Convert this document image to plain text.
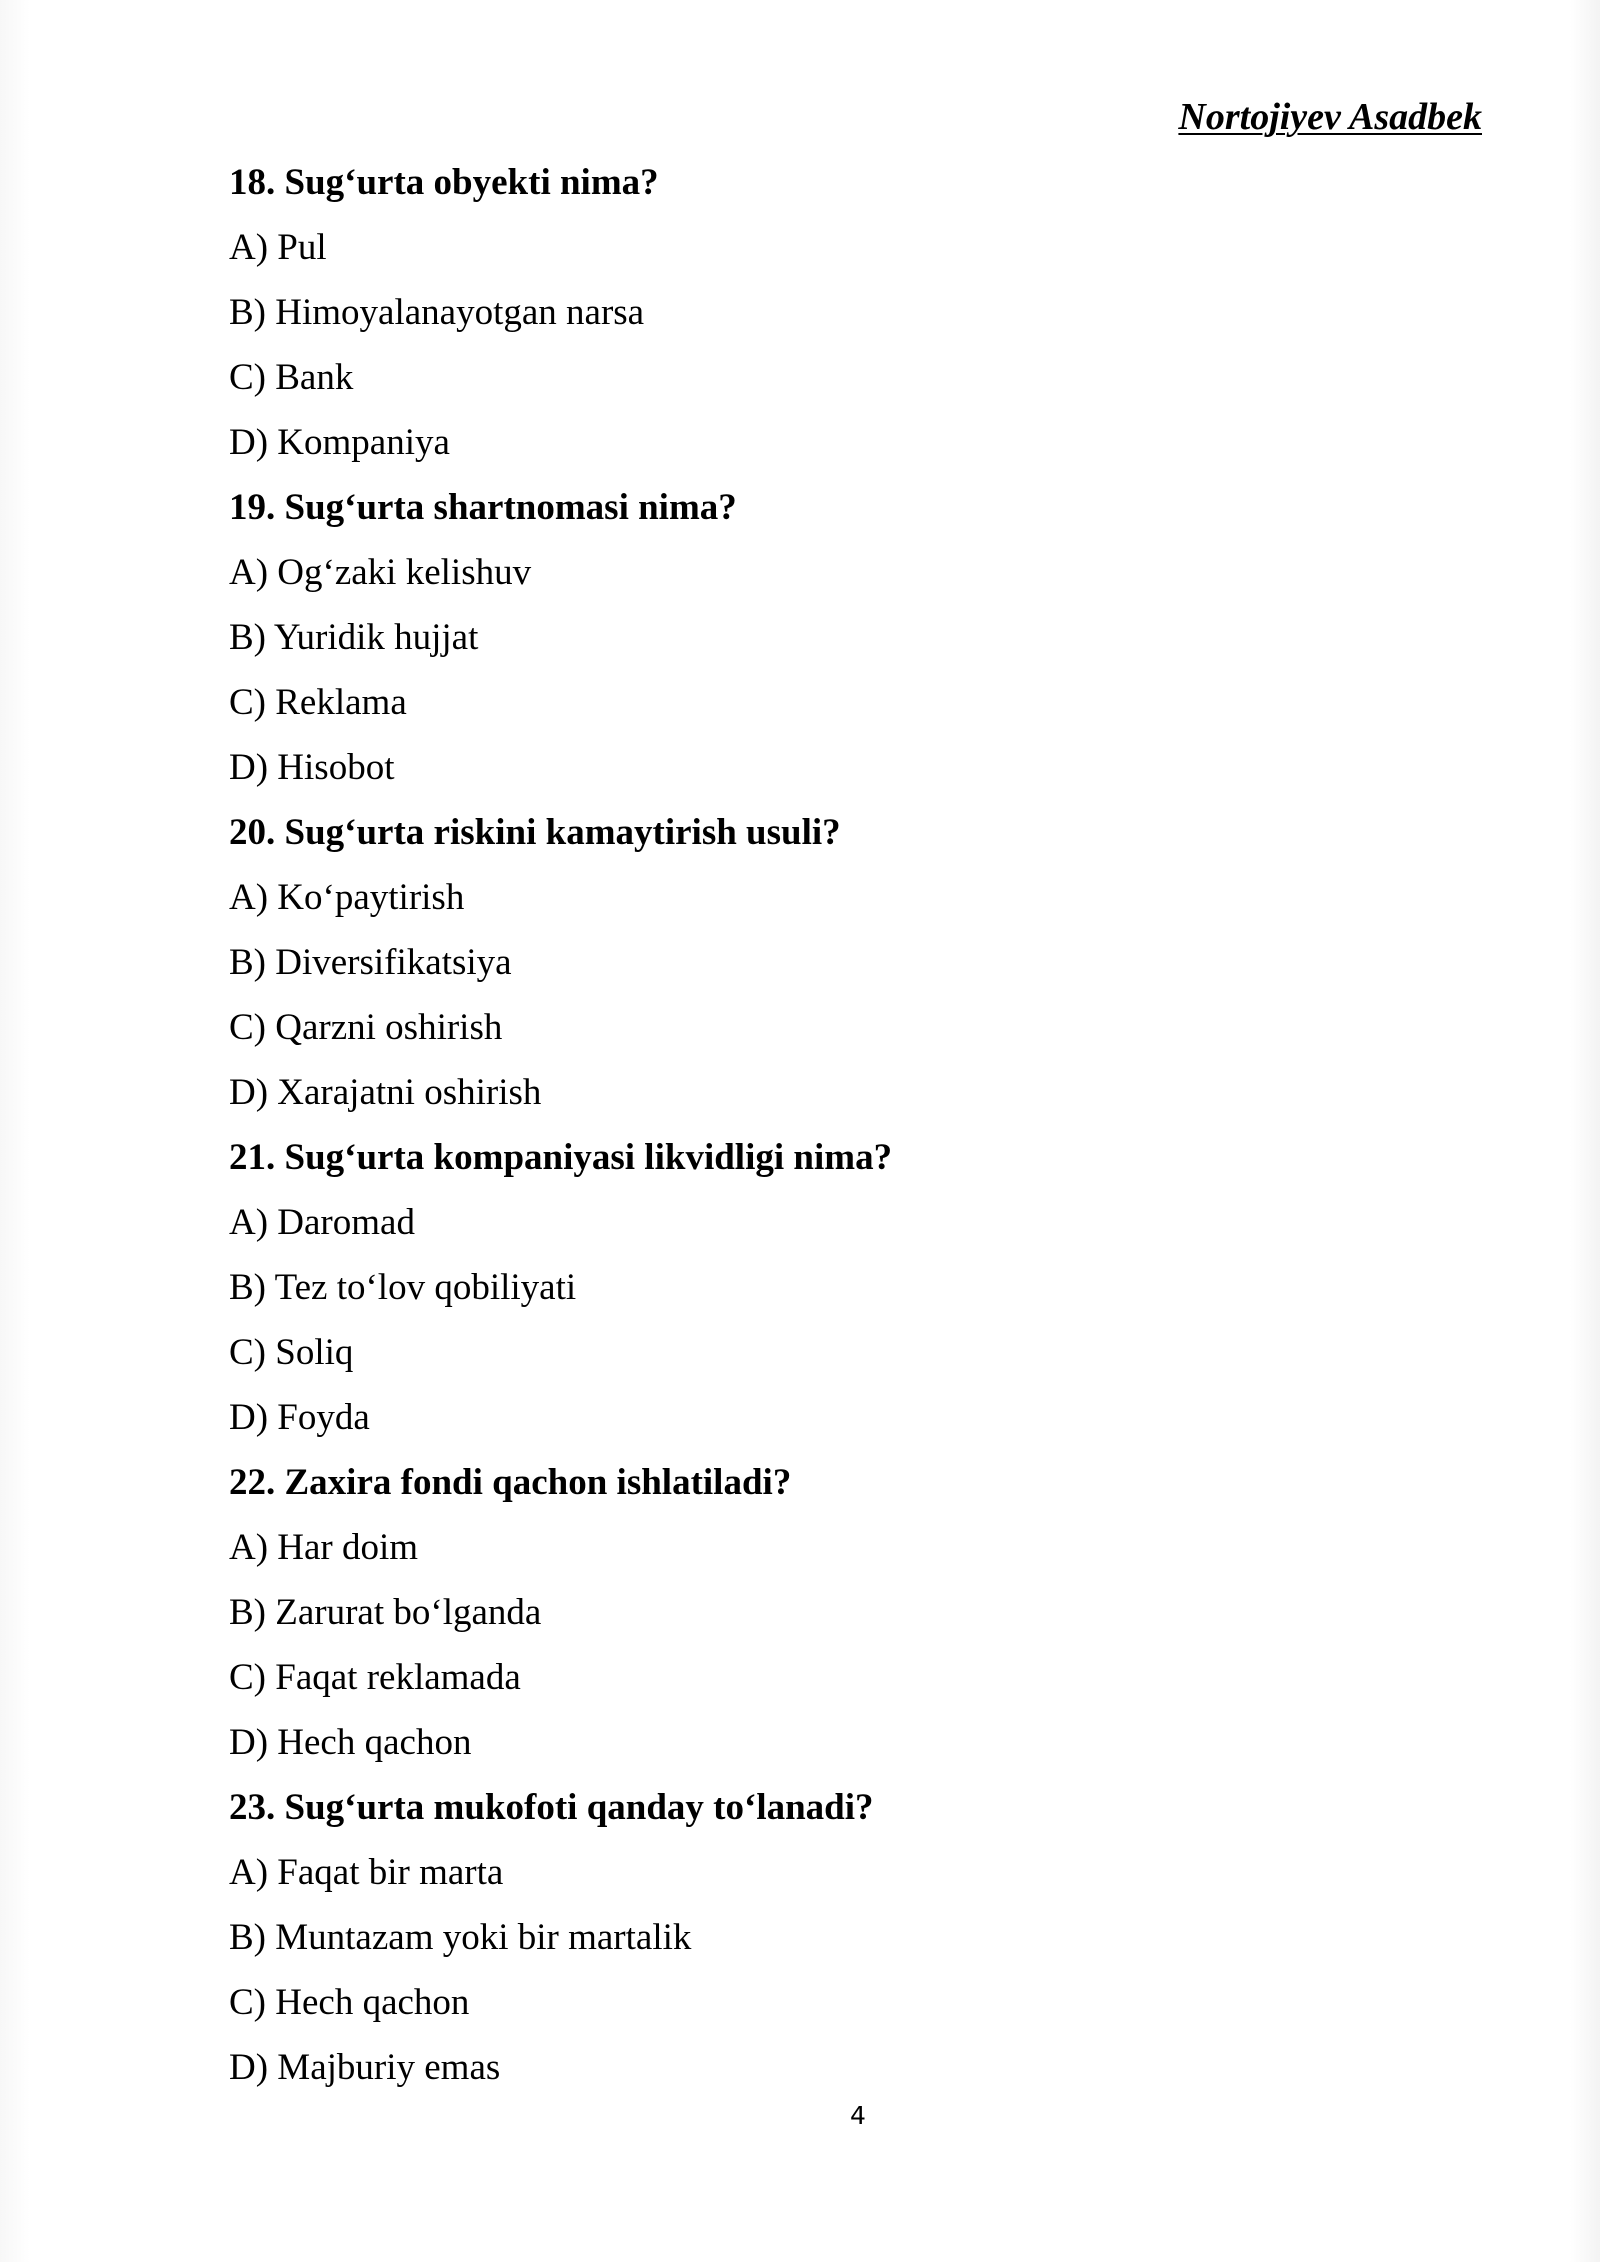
Nortojiyev Asadbek
18. Sug‘urta obyekti nima?
A) Pul
B) Himoyalanayotgan narsa
C) Bank
D) Kompaniya
19. Sug‘urta shartnomasi nima?
A) Og‘zaki kelishuv
B) Yuridik hujjat
C) Reklama
D) Hisobot
20. Sug‘urta riskini kamaytirish usuli?
A) Ko‘paytirish
B) Diversifikatsiya
C) Qarzni oshirish
D) Xarajatni oshirish
21. Sug‘urta kompaniyasi likvidligi nima?
A) Daromad
B) Tez to‘lov qobiliyati
C) Soliq
D) Foyda
22. Zaxira fondi qachon ishlatiladi?
A) Har doim
B) Zarurat bo‘lganda
C) Faqat reklamada
D) Hech qachon
23. Sug‘urta mukofoti qanday to‘lanadi?
A) Faqat bir marta
B) Muntazam yoki bir martalik
C) Hech qachon
D) Majburiy emas
4
